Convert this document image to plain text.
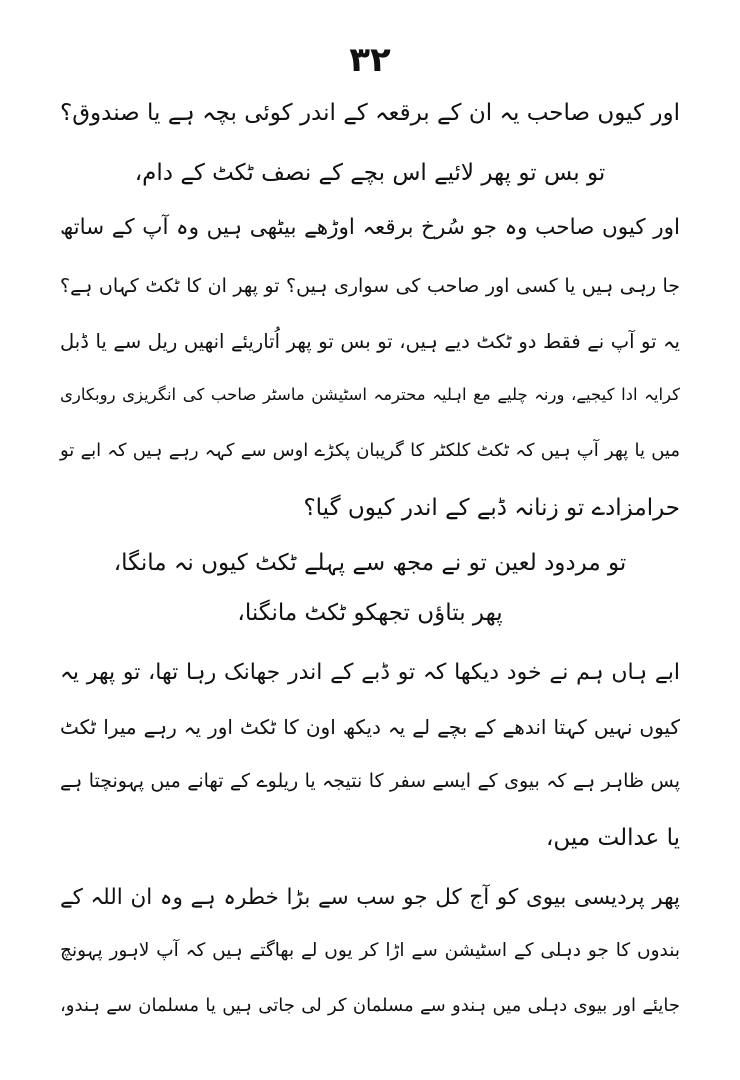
۳۲
اور کیوں صاحب یہ ان کے برقعہ کے اندر کوئی بچہ ہے یا صندوق؟
تو بس تو پھر لائیے اس بچے کے نصف ٹکٹ کے دام،
اور کیوں صاحب وہ جو سُرخ برقعہ اوڑھے بیٹھی ہیں وہ آپ کے ساتھ
جا رہی ہیں یا کسی اور صاحب کی سواری ہیں؟ تو پھر ان کا ٹکٹ کہاں ہے؟
یہ تو آپ نے فقط دو ٹکٹ دیے ہیں، تو بس تو پھر اُتاریئے انھیں ریل سے یا ڈبل
کرایہ ادا کیجیے، ورنہ چلیے مع اہلیہ محترمہ اسٹیشن ماسٹر صاحب کی انگریزی روبکاری
میں یا پھر آپ ہیں کہ ٹکٹ کلکٹر کا گریبان پکڑے اوس سے کہہ رہے ہیں کہ ابے تو
حرامزادے تو زنانہ ڈبے کے اندر کیوں گیا؟
تو مردود لعین تو نے مجھ سے پہلے ٹکٹ کیوں نہ مانگا،
پھر بتاؤں تجھکو ٹکٹ مانگنا،
ابے ہاں ہم نے خود دیکھا کہ تو ڈبے کے اندر جھانک رہا تھا، تو پھر یہ
کیوں نہیں کہتا اندھے کے بچے لے یہ دیکھ اون کا ٹکٹ اور یہ رہے میرا ٹکٹ
پس ظاہر ہے کہ بیوی کے ایسے سفر کا نتیجہ یا ریلوے کے تھانے میں پہونچتا ہے
یا عدالت میں،
پھر پردیسی بیوی کو آج کل جو سب سے بڑا خطرہ ہے وہ ان اللہ کے
بندوں کا جو دہلی کے اسٹیشن سے اڑا کر یوں لے بھاگتے ہیں کہ آپ لاہور پہونچ
جایئے اور بیوی دہلی میں ہندو سے مسلمان کر لی جاتی ہیں یا مسلمان سے ہندو،
